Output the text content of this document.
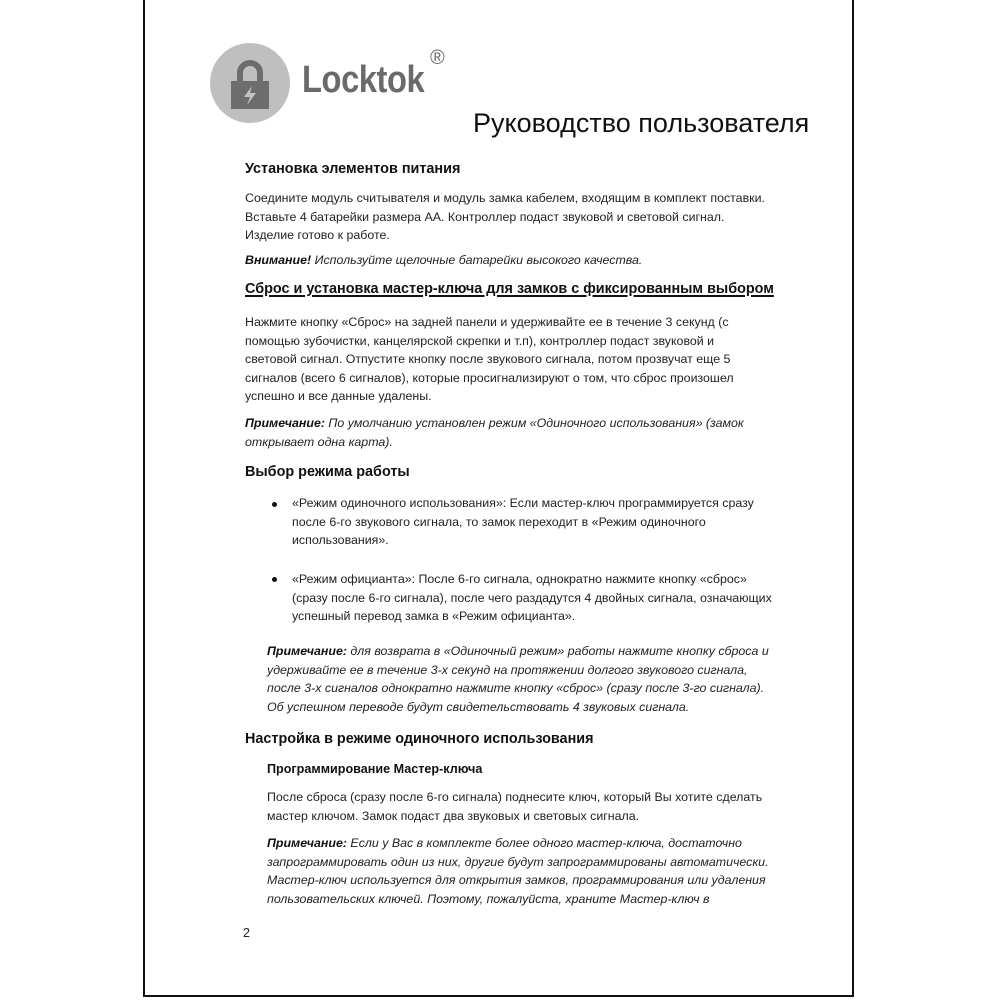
Locktok
®
Руководство пользователя
Установка элементов питания
Соедините модуль считывателя и модуль замка кабелем, входящим в комплект поставки.
Вставьте 4 батарейки размера АА. Контроллер подаст звуковой и световой сигнал.
Изделие готово к работе.
Внимание! Используйте щелочные батарейки высокого качества.
Сброс и установка мастер-ключа для замков с фиксированным выбором
Нажмите кнопку «Сброс» на задней панели и удерживайте ее в течение 3 секунд (с
помощью зубочистки, канцелярской скрепки и т.п), контроллер подаст звуковой и
световой сигнал. Отпустите кнопку после звукового сигнала, потом прозвучат еще 5
сигналов (всего 6 сигналов), которые просигнализируют о том, что сброс произошел
успешно и все данные удалены.
Примечание: По умолчанию установлен режим «Одиночного использования» (замок
открывает одна карта).
Выбор режима работы
«Режим одиночного использования»: Если мастер-ключ программируется сразу
после 6-го звукового сигнала, то замок переходит в «Режим одиночного
использования».
«Режим официанта»: После 6-го сигнала, однократно нажмите кнопку «сброс»
(сразу после 6-го сигнала), после чего раздадутся 4 двойных сигнала, означающих
успешный перевод замка в «Режим официанта».
Примечание: для возврата в «Одиночный режим» работы нажмите кнопку сброса и
удерживайте ее в течение 3-х секунд на протяжении долгого звукового сигнала,
после 3-х сигналов однократно нажмите кнопку «сброс» (сразу после 3-го сигнала).
Об успешном переводе будут свидетельствовать 4 звуковых сигнала.
Настройка в режиме одиночного использования
Программирование Мастер-ключа
После сброса (сразу после 6-го сигнала) поднесите ключ, который Вы хотите сделать
мастер ключом. Замок подаст два звуковых и световых сигнала.
Примечание: Если у Вас в комплекте более одного мастер-ключа, достаточно
запрограммировать один из них, другие будут запрограммированы автоматически.
Мастер-ключ используется для открытия замков, программирования или удаления
пользовательских ключей. Поэтому, пожалуйста, храните Мастер-ключ в
2
